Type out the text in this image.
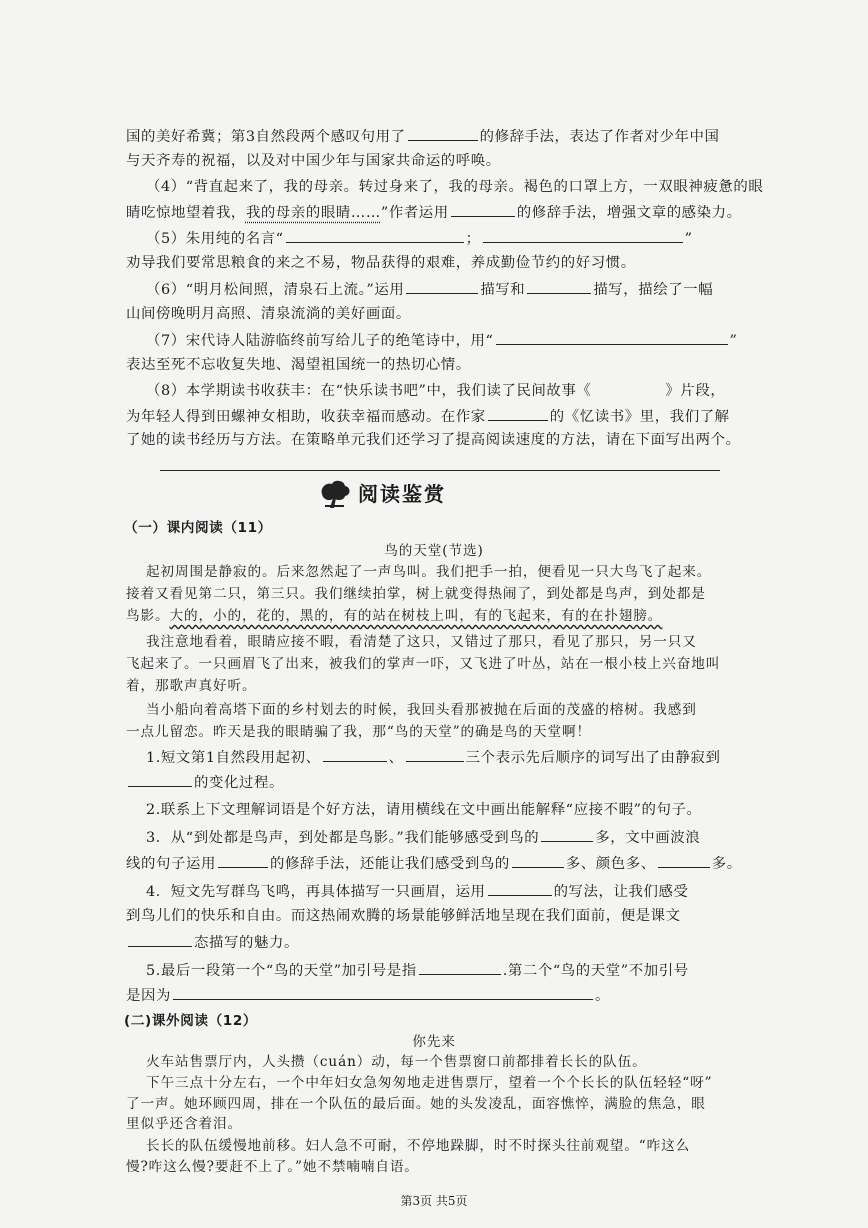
国的美好希冀；第3自然段两个感叹句用了	的修辞手法，表达了作者对少年中国
与天齐寿的祝福，以及对中国少年与国家共命运的呼唤。
（4）“背直起来了，我的母亲。转过身来了，我的母亲。褐色的口罩上方，一双眼神疲惫的眼
睛吃惊地望着我，我的母亲的眼睛……”作者运用	的修辞手法，增强文章的感染力。
（5）朱用纯的名言“	；	”
劝导我们要常思粮食的来之不易，物品获得的艰难，养成勤俭节约的好习惯。
（6）“明月松间照，清泉石上流。”运用	描写和	描写，描绘了一幅
山间傍晚明月高照、清泉流淌的美好画面。
（7）宋代诗人陆游临终前写给儿子的绝笔诗中，用“	”
表达至死不忘收复失地、渴望祖国统一的热切心情。
（8）本学期读书收获丰：在“快乐读书吧”中，我们读了民间故事《	》片段，
为年轻人得到田螺神女相助，收获幸福而感动。在作家	的《忆读书》里，我们了解
了她的读书经历与方法。在策略单元我们还学习了提高阅读速度的方法，请在下面写出两个。
阅读鉴赏
（一）课内阅读（11）
鸟的天堂(节选)
起初周围是静寂的。后来忽然起了一声鸟叫。我们把手一拍，便看见一只大鸟飞了起来。
接着又看见第二只，第三只。我们继续拍掌，树上就变得热闹了，到处都是鸟声，到处都是
鸟影。大的，小的，花的，黑的，有的站在树枝上叫，有的飞起来，有的在扑翅膀。
我注意地看着，眼睛应接不暇，看清楚了这只，又错过了那只，看见了那只，另一只又
飞起来了。一只画眉飞了出来，被我们的掌声一吓，又飞进了叶丛，站在一根小枝上兴奋地叫
着，那歌声真好听。
当小船向着高塔下面的乡村划去的时候，我回头看那被抛在后面的茂盛的榕树。我感到
一点儿留恋。昨天是我的眼睛骗了我，那“鸟的天堂”的确是鸟的天堂啊！
1.短文第1自然段用起初、	、	三个表示先后顺序的词写出了由静寂到
的变化过程。
2.联系上下文理解词语是个好方法，请用横线在文中画出能解释“应接不暇”的句子。
3．从“到处都是鸟声，到处都是鸟影。”我们能够感受到鸟的	多，文中画波浪
线的句子运用	的修辞手法，还能让我们感受到鸟的	多、颜色多、	多。
4．短文先写群鸟飞鸣，再具体描写一只画眉，运用	的写法，让我们感受
到鸟儿们的快乐和自由。而这热闹欢腾的场景能够鲜活地呈现在我们面前，便是课文
态描写的魅力。
5.最后一段第一个“鸟的天堂”加引号是指	.第二个“鸟的天堂”不加引号
是因为	。
(二)课外阅读（12）
你先来
火车站售票厅内，人头攒（cuán）动，每一个售票窗口前都排着长长的队伍。
下午三点十分左右，一个中年妇女急匆匆地走进售票厅，望着一个个长长的队伍轻轻“呀”
了一声。她环顾四周，排在一个队伍的最后面。她的头发凌乱，面容憔悴，满脸的焦急，眼
里似乎还含着泪。
长长的队伍缓慢地前移。妇人急不可耐，不停地跺脚，时不时探头往前观望。“咋这么
慢?咋这么慢?要赶不上了。”她不禁喃喃自语。
第3页 共5页
